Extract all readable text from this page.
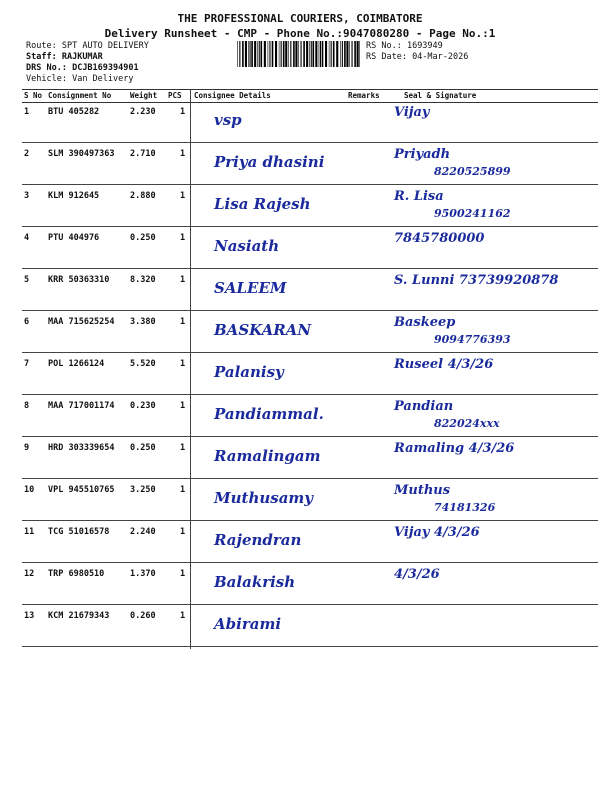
THE PROFESSIONAL COURIERS, COIMBATORE
Delivery Runsheet - CMP - Phone No.:9047080280 - Page No.:1
Route: SPT AUTO DELIVERY
Staff: RAJKUMAR
DRS No.: DCJB169394901
Vehicle: Van Delivery
RS No.: 1693949
RS Date: 04-Mar-2026
S No Consignment No	Weight PCS Consignee Details	Remarks	Seal & Signature
1 BTU 405282	2.230	1 vsp	Vijay
2 SLM 390497363 2.710	1 Priya dhasini	Priyadh
8220525899
3 KLM 912645	2.880	1 Lisa Rajesh	R. Lisa
9500241162
4 PTU 404976	0.250	1 Nasiath	7845780000
5 KRR 50363310 8.320	1 SALEEM	S. Lunni 73739920878
6 MAA 715625254 3.380	1 BASKARAN	Baskeep
9094776393
7 POL 1266124	5.520	1 Palanisy	Ruseel 4/3/26
8 MAA 717001174 0.230	1 Pandiammal.	Pandian
822024xxx
9 HRD 303339654 0.250	1 Ramalingam	Ramaling 4/3/26
10 VPL 945510765 3.250	1 Muthusamy	Muthus
74181326
11 TCG 51016578 2.240	1 Rajendran	Vijay 4/3/26
12 TRP 6980510	1.370	1 Balakrish	4/3/26
13 KCM 21679343 0.260	1 Abirami
